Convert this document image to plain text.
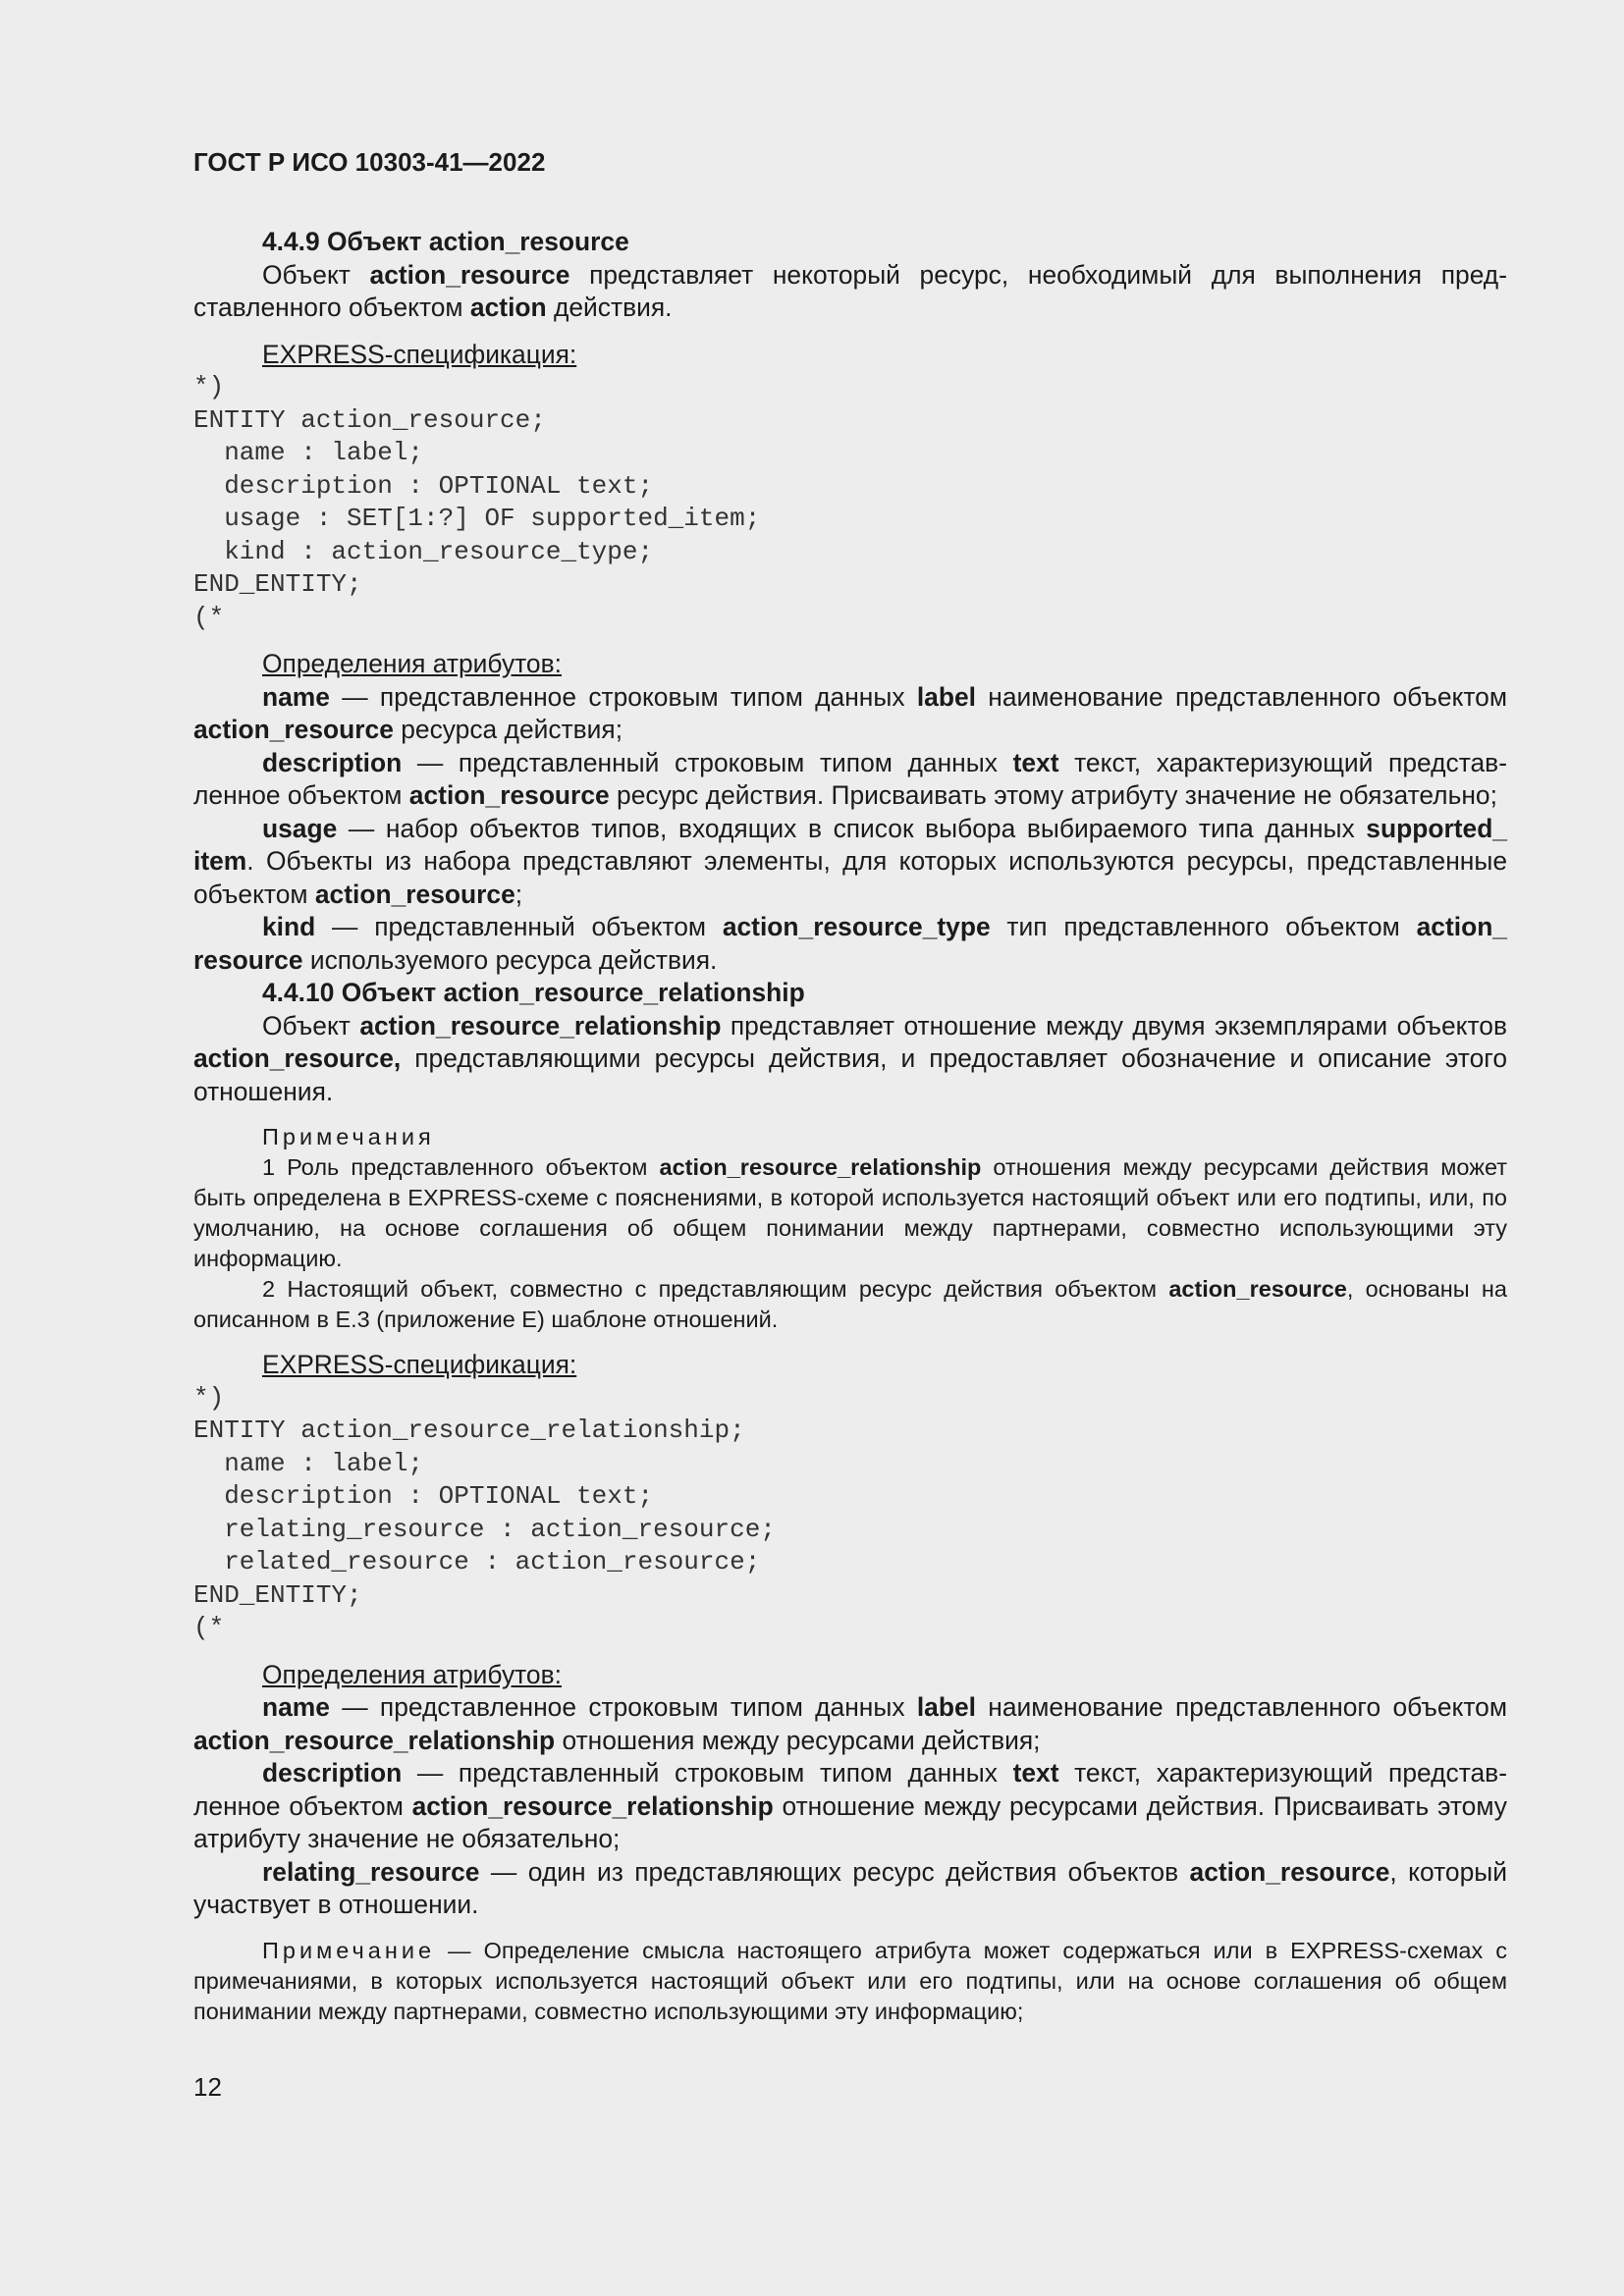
ГОСТ Р ИСО 10303-41—2022

4.4.9 Объект action_resource

Объект action_resource представляет некоторый ресурс, необходимый для выполнения представленного объектом action действия.

EXPRESS-спецификация:

*)
ENTITY action_resource;
name : label;
description : OPTIONAL text;
usage : SET[1:?] OF supported_item;
kind : action_resource_type;
END_ENTITY;
(*

Определения атрибутов:

name — представленное строковым типом данных label наименование представленного объектом action_resource ресурса действия;

description — представленный строковым типом данных text текст, характеризующий представленное объектом action_resource ресурс действия. Присваивать этому атрибуту значение не обязательно;

usage — набор объектов типов, входящих в список выбора выбираемого типа данных supported_ item. Объекты из набора представляют элементы, для которых используются ресурсы, представленные объектом action_resource;

kind — представленный объектом action_resource_type тип представленного объектом action_ resource используемого ресурса действия.

4.4.10 Объект action_resource_relationship

Объект action_resource_relationship представляет отношение между двумя экземплярами объектов action_resource, представляющими ресурсы действия, и предоставляет обозначение и описание этого отношения.

Примечания

1 Роль представленного объектом action_resource_relationship отношения между ресурсами действия может быть определена в EXPRESS-схеме с пояснениями, в которой используется настоящий объект или его подтипы, или, по умолчанию, на основе соглашения об общем понимании между партнерами, совместно использующими эту информацию.

2 Настоящий объект, совместно с представляющим ресурс действия объектом action_resource, основаны на описанном в Е.3 (приложение Е) шаблоне отношений.

EXPRESS-спецификация:

*)
ENTITY action_resource_relationship;
name : label;
description : OPTIONAL text;
relating_resource : action_resource;
related_resource : action_resource;
END_ENTITY;
(*

Определения атрибутов:

name — представленное строковым типом данных label наименование представленного объектом action_resource_relationship отношения между ресурсами действия;

description — представленный строковым типом данных text текст, характеризующий представленное объектом action_resource_relationship отношение между ресурсами действия. Присваивать этому атрибуту значение не обязательно;

relating_resource — один из представляющих ресурс действия объектов action_resource, который участвует в отношении.

Примечание — Определение смысла настоящего атрибута может содержаться или в EXPRESS-схемах с примечаниями, в которых используется настоящий объект или его подтипы, или на основе соглашения об общем понимании между партнерами, совместно использующими эту информацию;

12
